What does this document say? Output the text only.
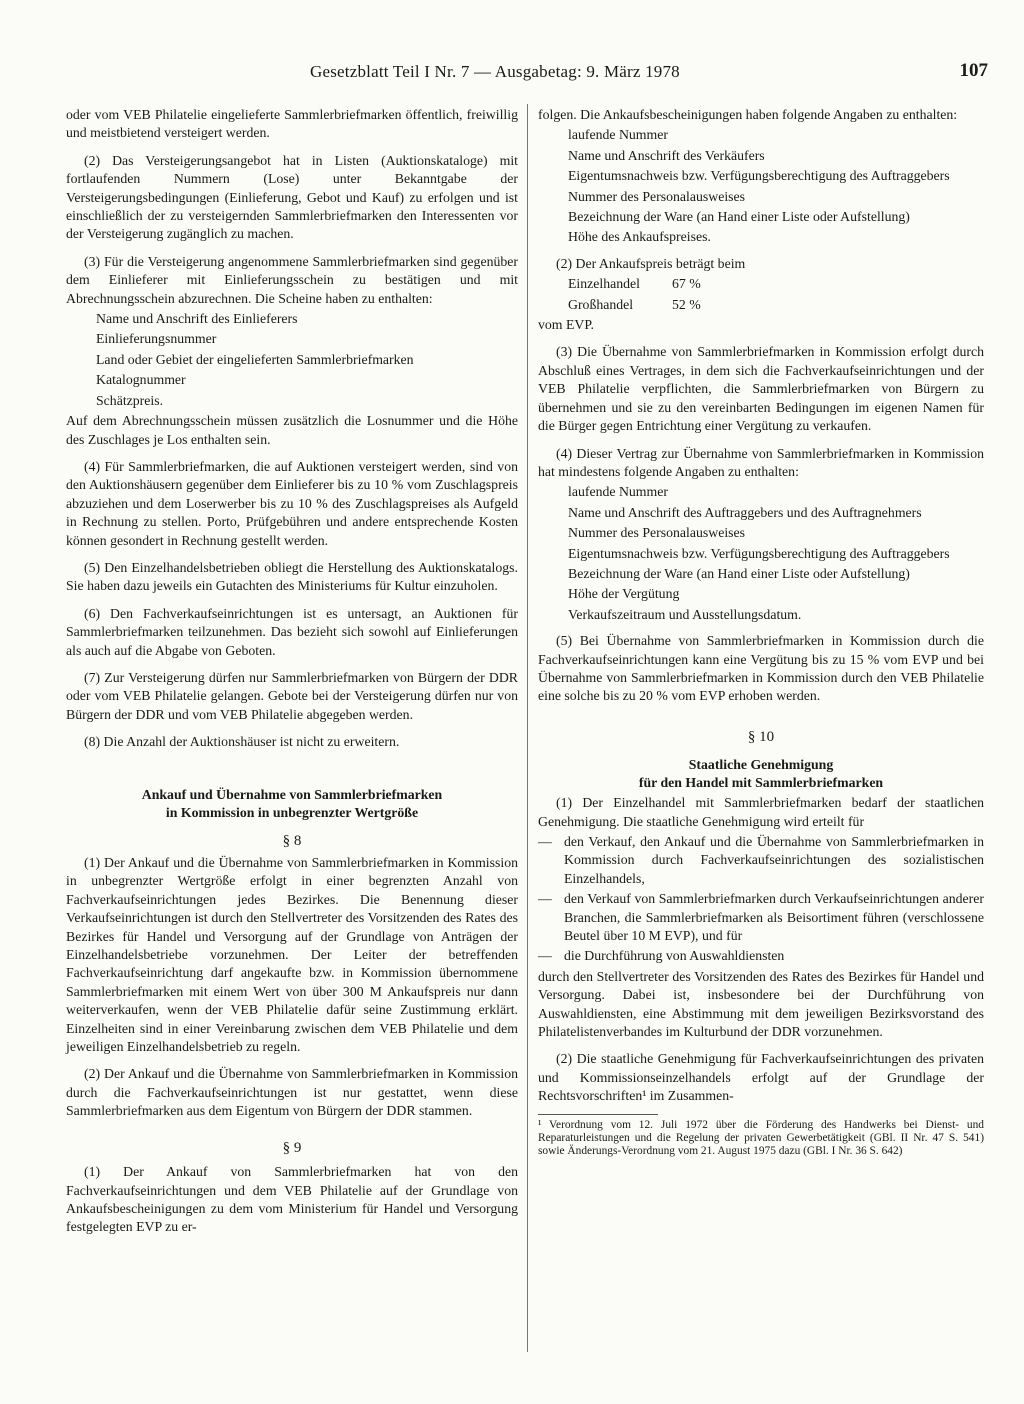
Gesetzblatt Teil I Nr. 7 — Ausgabetag: 9. März 1978	107

oder vom VEB Philatelie eingelieferte Sammlerbriefmarken öffentlich, freiwillig und meistbietend versteigert werden.

(2) Das Versteigerungsangebot hat in Listen (Auktionskataloge) mit fortlaufenden Nummern (Lose) unter Bekanntgabe der Versteigerungsbedingungen (Einlieferung, Gebot und Kauf) zu erfolgen und ist einschließlich der zu versteigernden Sammlerbriefmarken den Interessenten vor der Versteigerung zugänglich zu machen.

(3) Für die Versteigerung angenommene Sammlerbriefmarken sind gegenüber dem Einlieferer mit Einlieferungsschein zu bestätigen und mit Abrechnungsschein abzurechnen. Die Scheine haben zu enthalten:

Name und Anschrift des Einlieferers
Einlieferungsnummer
Land oder Gebiet der eingelieferten Sammlerbriefmarken
Katalognummer
Schätzpreis.

Auf dem Abrechnungsschein müssen zusätzlich die Losnummer und die Höhe des Zuschlages je Los enthalten sein.

(4) Für Sammlerbriefmarken, die auf Auktionen versteigert werden, sind von den Auktionshäusern gegenüber dem Einlieferer bis zu 10 % vom Zuschlagspreis abzuziehen und dem Loserwerber bis zu 10 % des Zuschlagspreises als Aufgeld in Rechnung zu stellen. Porto, Prüfgebühren und andere entsprechende Kosten können gesondert in Rechnung gestellt werden.

(5) Den Einzelhandelsbetrieben obliegt die Herstellung des Auktionskatalogs. Sie haben dazu jeweils ein Gutachten des Ministeriums für Kultur einzuholen.

(6) Den Fachverkaufseinrichtungen ist es untersagt, an Auktionen für Sammlerbriefmarken teilzunehmen. Das bezieht sich sowohl auf Einlieferungen als auch auf die Abgabe von Geboten.

(7) Zur Versteigerung dürfen nur Sammlerbriefmarken von Bürgern der DDR oder vom VEB Philatelie gelangen. Gebote bei der Versteigerung dürfen nur von Bürgern der DDR und vom VEB Philatelie abgegeben werden.

(8) Die Anzahl der Auktionshäuser ist nicht zu erweitern.

Ankauf und Übernahme von Sammlerbriefmarken
in Kommission in unbegrenzter Wertgröße

§ 8

(1) Der Ankauf und die Übernahme von Sammlerbriefmarken in Kommission in unbegrenzter Wertgröße erfolgt in einer begrenzten Anzahl von Fachverkaufseinrichtungen jedes Bezirkes. Die Benennung dieser Verkaufseinrichtungen ist durch den Stellvertreter des Vorsitzenden des Rates des Bezirkes für Handel und Versorgung auf der Grundlage von Anträgen der Einzelhandelsbetriebe vorzunehmen. Der Leiter der betreffenden Fachverkaufseinrichtung darf angekaufte bzw. in Kommission übernommene Sammlerbriefmarken mit einem Wert von über 300 M Ankaufspreis nur dann weiterverkaufen, wenn der VEB Philatelie dafür seine Zustimmung erklärt. Einzelheiten sind in einer Vereinbarung zwischen dem VEB Philatelie und dem jeweiligen Einzelhandelsbetrieb zu regeln.

(2) Der Ankauf und die Übernahme von Sammlerbriefmarken in Kommission durch die Fachverkaufseinrichtungen ist nur gestattet, wenn diese Sammlerbriefmarken aus dem Eigentum von Bürgern der DDR stammen.

§ 9

(1) Der Ankauf von Sammlerbriefmarken hat von den Fachverkaufseinrichtungen und dem VEB Philatelie auf der Grundlage von Ankaufsbescheinigungen zu dem vom Ministerium für Handel und Versorgung festgelegten EVP zu er-

folgen. Die Ankaufsbescheinigungen haben folgende Angaben zu enthalten:

laufende Nummer
Name und Anschrift des Verkäufers
Eigentumsnachweis bzw. Verfügungsberechtigung des Auftraggebers
Nummer des Personalausweises
Bezeichnung der Ware (an Hand einer Liste oder Aufstellung)
Höhe des Ankaufspreises.

(2) Der Ankaufspreis beträgt beim

Einzelhandel	67 %
Großhandel	52 %

vom EVP.

(3) Die Übernahme von Sammlerbriefmarken in Kommission erfolgt durch Abschluß eines Vertrages, in dem sich die Fachverkaufseinrichtungen und der VEB Philatelie verpflichten, die Sammlerbriefmarken von Bürgern zu übernehmen und sie zu den vereinbarten Bedingungen im eigenen Namen für die Bürger gegen Entrichtung einer Vergütung zu verkaufen.

(4) Dieser Vertrag zur Übernahme von Sammlerbriefmarken in Kommission hat mindestens folgende Angaben zu enthalten:

laufende Nummer
Name und Anschrift des Auftraggebers und des Auftragnehmers
Nummer des Personalausweises
Eigentumsnachweis bzw. Verfügungsberechtigung des Auftraggebers
Bezeichnung der Ware (an Hand einer Liste oder Aufstellung)
Höhe der Vergütung
Verkaufszeitraum und Ausstellungsdatum.

(5) Bei Übernahme von Sammlerbriefmarken in Kommission durch die Fachverkaufseinrichtungen kann eine Vergütung bis zu 15 % vom EVP und bei Übernahme von Sammlerbriefmarken in Kommission durch den VEB Philatelie eine solche bis zu 20 % vom EVP erhoben werden.

§ 10

Staatliche Genehmigung
für den Handel mit Sammlerbriefmarken

(1) Der Einzelhandel mit Sammlerbriefmarken bedarf der staatlichen Genehmigung. Die staatliche Genehmigung wird erteilt für

— den Verkauf, den Ankauf und die Übernahme von Sammlerbriefmarken in Kommission durch Fachverkaufseinrichtungen des sozialistischen Einzelhandels,
— den Verkauf von Sammlerbriefmarken durch Verkaufseinrichtungen anderer Branchen, die Sammlerbriefmarken als Beisortiment führen (verschlossene Beutel über 10 M EVP), und für
— die Durchführung von Auswahldiensten

durch den Stellvertreter des Vorsitzenden des Rates des Bezirkes für Handel und Versorgung. Dabei ist, insbesondere bei der Durchführung von Auswahldiensten, eine Abstimmung mit dem jeweiligen Bezirksvorstand des Philatelistenverbandes im Kulturbund der DDR vorzunehmen.

(2) Die staatliche Genehmigung für Fachverkaufseinrichtungen des privaten und Kommissionseinzelhandels erfolgt auf der Grundlage der Rechtsvorschriften¹ im Zusammen-

¹ Verordnung vom 12. Juli 1972 über die Förderung des Handwerks bei Dienst- und Reparaturleistungen und die Regelung der privaten Gewerbetätigkeit (GBl. II Nr. 47 S. 541) sowie Änderungs-Verordnung vom 21. August 1975 dazu (GBl. I Nr. 36 S. 642)
